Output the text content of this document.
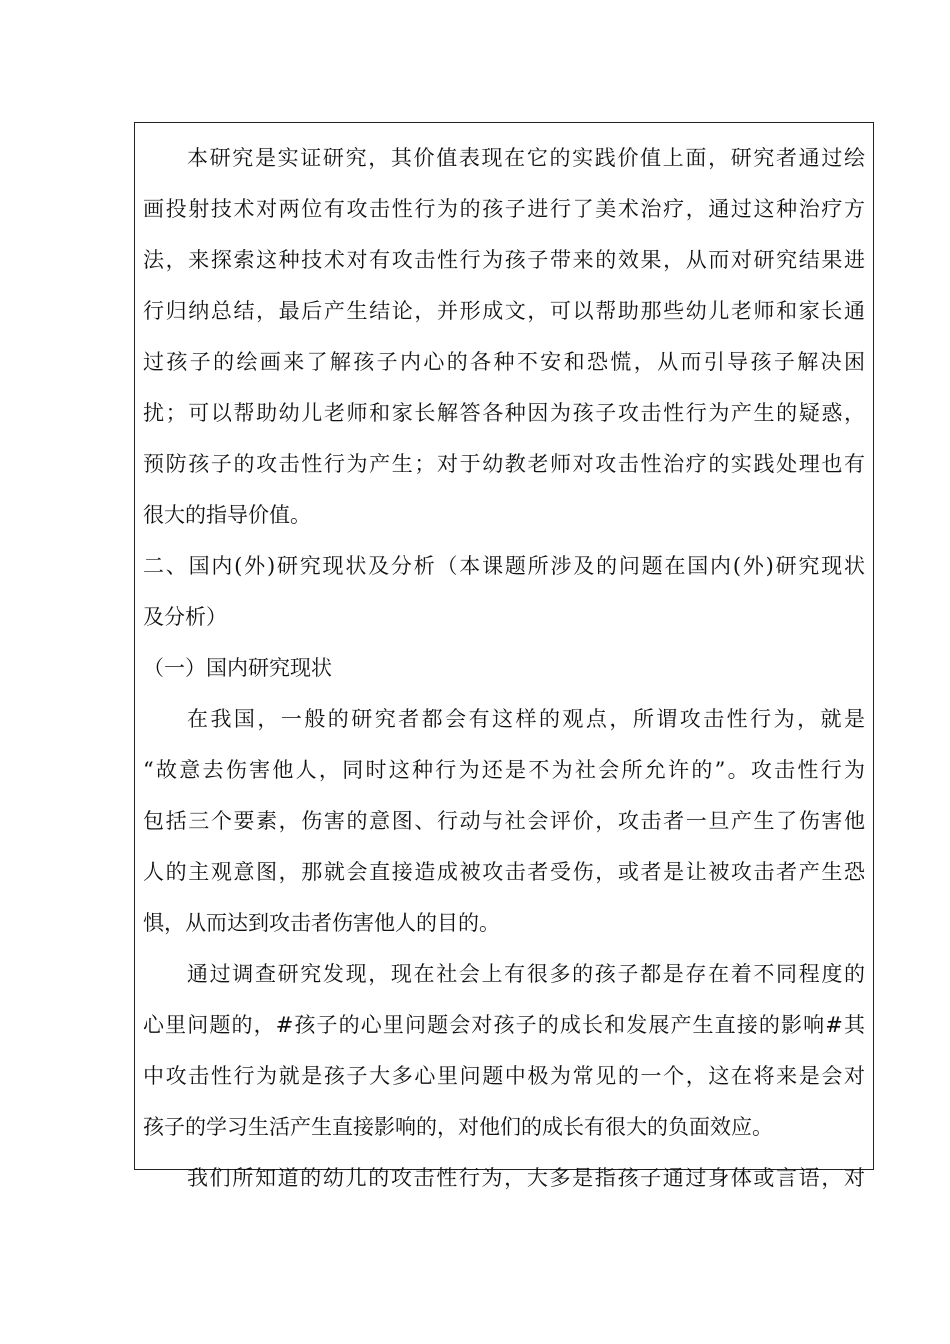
本研究是实证研究，其价值表现在它的实践价值上面，研究者通过绘
画投射技术对两位有攻击性行为的孩子进行了美术治疗，通过这种治疗方
法，来探索这种技术对有攻击性行为孩子带来的效果，从而对研究结果进
行归纳总结，最后产生结论，并形成文，可以帮助那些幼儿老师和家长通
过孩子的绘画来了解孩子内心的各种不安和恐慌，从而引导孩子解决困
扰；可以帮助幼儿老师和家长解答各种因为孩子攻击性行为产生的疑惑，
预防孩子的攻击性行为产生；对于幼教老师对攻击性治疗的实践处理也有
很大的指导价值。
二、国内(外)研究现状及分析（本课题所涉及的问题在国内(外)研究现状
及分析）
（一）国内研究现状
在我国，一般的研究者都会有这样的观点，所谓攻击性行为，就是
“故意去伤害他人，同时这种行为还是不为社会所允许的”。攻击性行为
包括三个要素，伤害的意图、行动与社会评价，攻击者一旦产生了伤害他
人的主观意图，那就会直接造成被攻击者受伤，或者是让被攻击者产生恐
惧，从而达到攻击者伤害他人的目的。
通过调查研究发现，现在社会上有很多的孩子都是存在着不同程度的
心里问题的，#孩子的心里问题会对孩子的成长和发展产生直接的影响#其
中攻击性行为就是孩子大多心里问题中极为常见的一个，这在将来是会对
孩子的学习生活产生直接影响的，对他们的成长有很大的负面效应。
我们所知道的幼儿的攻击性行为，大多是指孩子通过身体或言语，对
